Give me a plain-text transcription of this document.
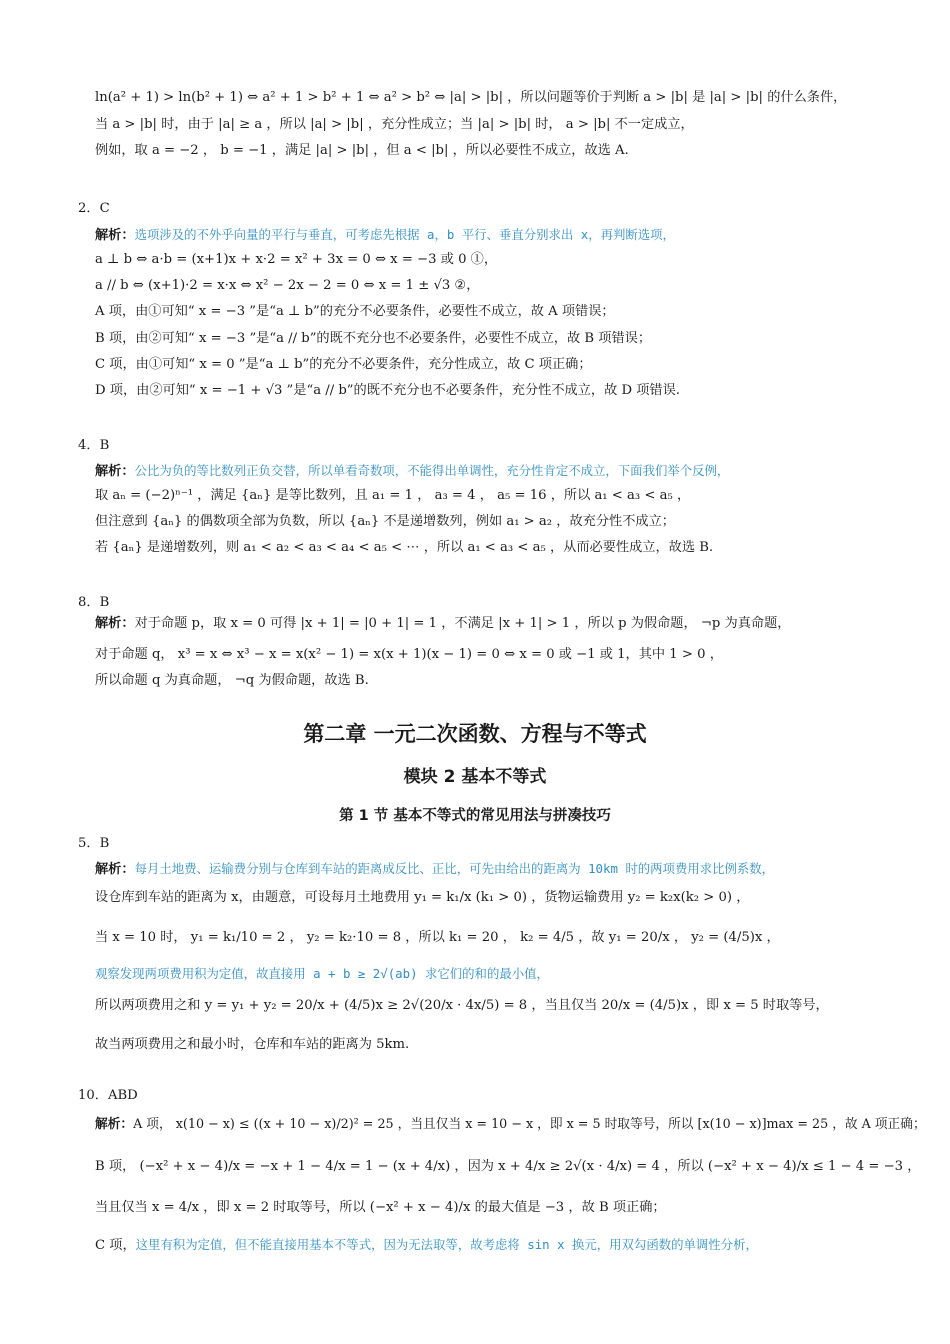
ln(a² + 1) > ln(b² + 1) ⇔ a² + 1 > b² + 1 ⇔ a² > b² ⇔ |a| > |b| ，所以问题等价于判断 a > |b| 是 |a| > |b| 的什么条件，
当 a > |b| 时，由于 |a| ≥ a ，所以 |a| > |b| ，充分性成立；当 |a| > |b| 时， a > |b| 不一定成立，
例如，取 a = −2 ， b = −1 ，满足 |a| > |b| ，但 a < |b| ，所以必要性不成立，故选 A.
2．C
解析：选项涉及的不外乎向量的平行与垂直，可考虑先根据 a，b 平行、垂直分别求出 x，再判断选项，
a ⊥ b ⇔ a·b = (x+1)x + x·2 = x² + 3x = 0 ⇔ x = −3 或 0 ①，
a // b ⇔ (x+1)·2 = x·x ⇔ x² − 2x − 2 = 0 ⇔ x = 1 ± √3 ②，
A 项，由①可知“ x = −3 ”是“a ⊥ b”的充分不必要条件，必要性不成立，故 A 项错误；
B 项，由②可知“ x = −3 ”是“a // b”的既不充分也不必要条件，必要性不成立，故 B 项错误；
C 项，由①可知“ x = 0 ”是“a ⊥ b”的充分不必要条件，充分性成立，故 C 项正确；
D 项，由②可知“ x = −1 + √3 ”是“a // b”的既不充分也不必要条件，充分性不成立，故 D 项错误.
4．B
解析：公比为负的等比数列正负交替，所以单看奇数项，不能得出单调性，充分性肯定不成立，下面我们举个反例，
取 aₙ = (−2)ⁿ⁻¹ ，满足 {aₙ} 是等比数列，且 a₁ = 1 ， a₃ = 4 ， a₅ = 16 ，所以 a₁ < a₃ < a₅ ，
但注意到 {aₙ} 的偶数项全部为负数，所以 {aₙ} 不是递增数列，例如 a₁ > a₂ ，故充分性不成立；
若 {aₙ} 是递增数列，则 a₁ < a₂ < a₃ < a₄ < a₅ < ⋯ ，所以 a₁ < a₃ < a₅ ，从而必要性成立，故选 B.
8．B
解析：对于命题 p，取 x = 0 可得 |x + 1| = |0 + 1| = 1 ，不满足 |x + 1| > 1 ，所以 p 为假命题， ¬p 为真命题，
对于命题 q， x³ = x ⇔ x³ − x = x(x² − 1) = x(x + 1)(x − 1) = 0 ⇔ x = 0 或 −1 或 1，其中 1 > 0 ，
所以命题 q 为真命题， ¬q 为假命题，故选 B.
第二章 一元二次函数、方程与不等式
模块 2 基本不等式
第 1 节 基本不等式的常见用法与拼凑技巧
5．B
解析：每月土地费、运输费分别与仓库到车站的距离成反比、正比，可先由给出的距离为 10km 时的两项费用求比例系数，
设仓库到车站的距离为 x，由题意，可设每月土地费用 y₁ = k₁/x (k₁ > 0) ，货物运输费用 y₂ = k₂x(k₂ > 0) ，
当 x = 10 时， y₁ = k₁/10 = 2 ， y₂ = k₂·10 = 8 ，所以 k₁ = 20 ， k₂ = 4/5 ，故 y₁ = 20/x ， y₂ = (4/5)x ，
观察发现两项费用积为定值，故直接用 a + b ≥ 2√(ab) 求它们的和的最小值，
所以两项费用之和 y = y₁ + y₂ = 20/x + (4/5)x ≥ 2√(20/x · 4x/5) = 8 ，当且仅当 20/x = (4/5)x ，即 x = 5 时取等号，
故当两项费用之和最小时，仓库和车站的距离为 5km.
10．ABD
解析：A 项， x(10 − x) ≤ ((x + 10 − x)/2)² = 25 ，当且仅当 x = 10 − x ，即 x = 5 时取等号，所以 [x(10 − x)]max = 25 ，故 A 项正确；
B 项， (−x² + x − 4)/x = −x + 1 − 4/x = 1 − (x + 4/x) ，因为 x + 4/x ≥ 2√(x · 4/x) = 4 ，所以 (−x² + x − 4)/x ≤ 1 − 4 = −3 ，
当且仅当 x = 4/x ，即 x = 2 时取等号，所以 (−x² + x − 4)/x 的最大值是 −3 ，故 B 项正确；
C 项，这里有积为定值，但不能直接用基本不等式，因为无法取等，故考虑将 sin x 换元，用双勾函数的单调性分析，
